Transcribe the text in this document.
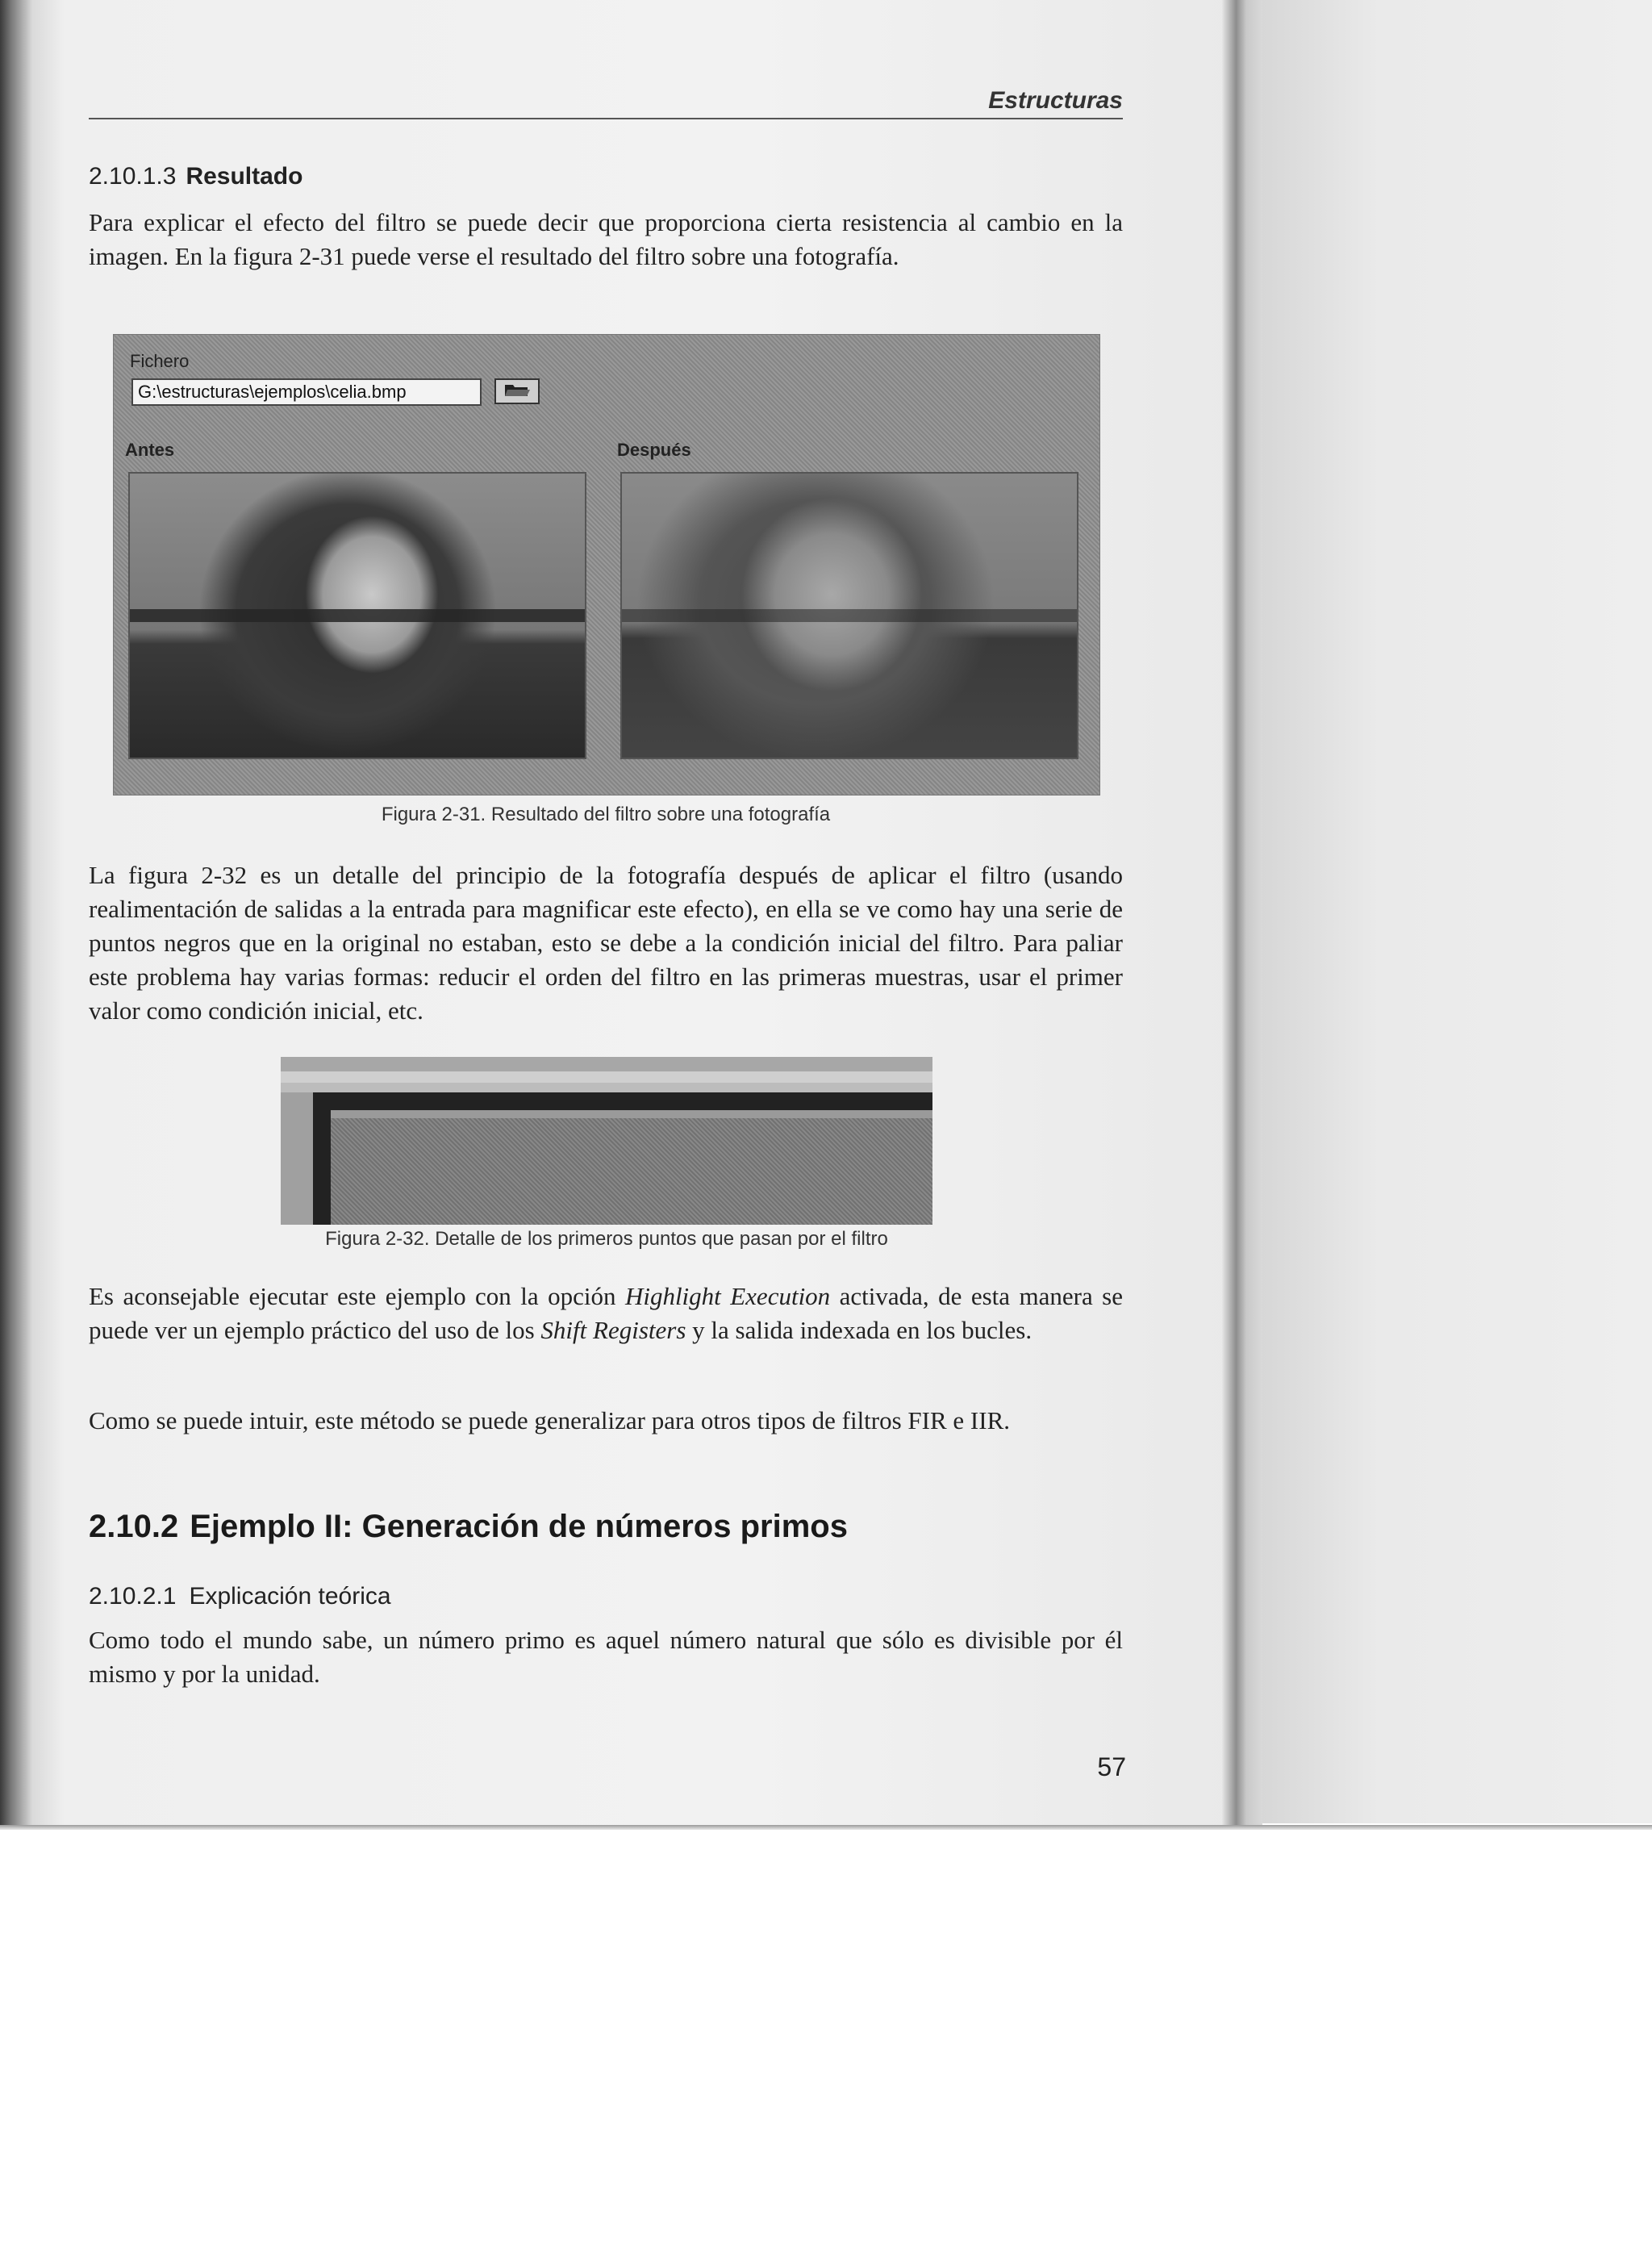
Estructuras
2.10.1.3 Resultado
Para explicar el efecto del filtro se puede decir que proporciona cierta resistencia al cambio en la imagen. En la figura 2-31 puede verse el resultado del filtro sobre una fotografía.
Fichero
G:\estructuras\ejemplos\celia.bmp
Antes	Después
Figura 2-31. Resultado del filtro sobre una fotografía
La figura 2-32 es un detalle del principio de la fotografía después de aplicar el filtro (usando realimentación de salidas a la entrada para magnificar este efecto), en ella se ve como hay una serie de puntos negros que en la original no estaban, esto se debe a la condición inicial del filtro. Para paliar este problema hay varias formas: reducir el orden del filtro en las primeras muestras, usar el primer valor como condición inicial, etc.
Figura 2-32. Detalle de los primeros puntos que pasan por el filtro
Es aconsejable ejecutar este ejemplo con la opción Highlight Execution activada, de esta manera se puede ver un ejemplo práctico del uso de los Shift Registers y la salida indexada en los bucles.
Como se puede intuir, este método se puede generalizar para otros tipos de filtros FIR e IIR.
2.10.2 Ejemplo II: Generación de números primos
2.10.2.1 Explicación teórica
Como todo el mundo sabe, un número primo es aquel número natural que sólo es divisible por él mismo y por la unidad.
57
